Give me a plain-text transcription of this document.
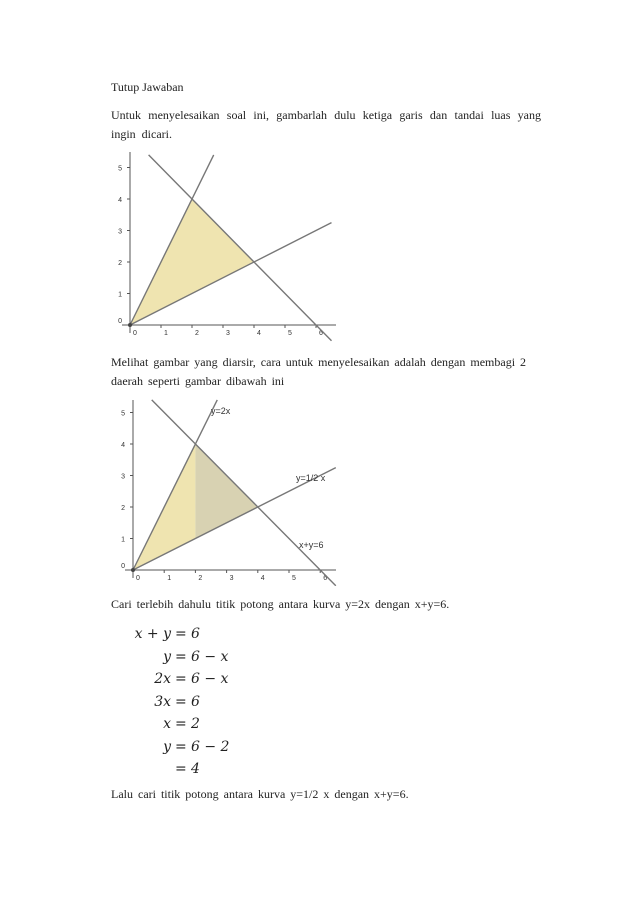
Tutup Jawaban
Untuk menyelesaikan soal ini, gambarlah dulu ketiga garis dan tandai luas yang ingin dicari.
0	1	2	3	4	5	6
0
1
2
3
4
5
Melihat gambar yang diarsir, cara untuk menyelesaikan adalah dengan membagi 2 daerah seperti gambar dibawah ini
0	1	2	3	4	5	6
0
1
2
3
4
5	y=2x
y=1/2 x
x+y=6
Cari terlebih dahulu titik potong antara kurva y=2x dengan x+y=6.
x + y = 6
y = 6 − x
2x = 6 − x
3x = 6
x = 2
y = 6 − 2
= 4
Lalu cari titik potong antara kurva y=1/2 x dengan x+y=6.
